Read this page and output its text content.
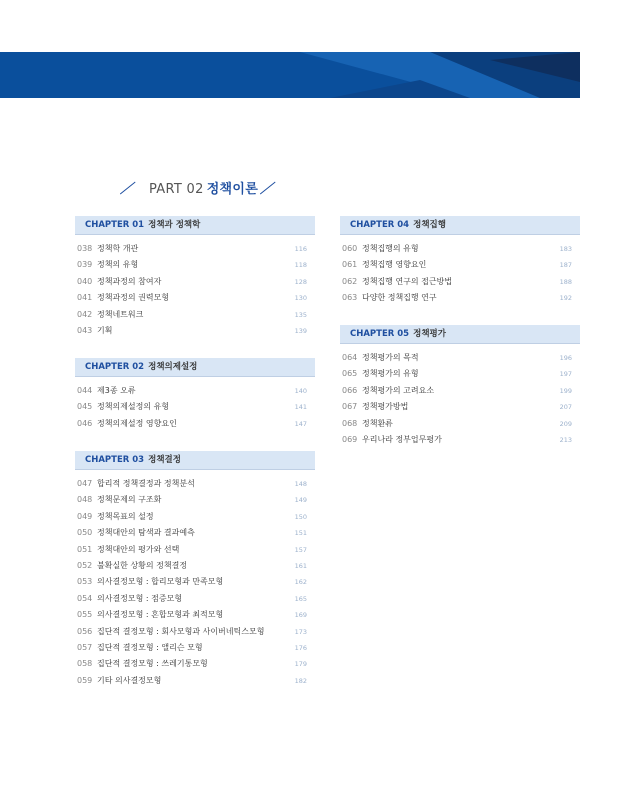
／ PART 02 정책이론 ／
CHAPTER 01 정책과 정책학
038 정책학 개관	116
039 정책의 유형	118
040 정책과정의 참여자	128
041 정책과정의 권력모형	130
042 정책네트워크	135
043 기획	139
CHAPTER 02 정책의제설정
044 제3종 오류	140
045 정책의제설정의 유형	141
046 정책의제설정 영향요인	147
CHAPTER 03 정책결정
047 합리적 정책결정과 정책분석	148
048 정책문제의 구조화	149
049 정책목표의 설정	150
050 정책대안의 탐색과 결과예측	151
051 정책대안의 평가와 선택	157
052 불확실한 상황의 정책결정	161
053 의사결정모형 : 합리모형과 만족모형	162
054 의사결정모형 : 점증모형	165
055 의사결정모형 : 혼합모형과 최적모형	169
056 집단적 결정모형 : 회사모형과 사이버네틱스모형	173
057 집단적 결정모형 : 앨리슨 모형	176
058 집단적 결정모형 : 쓰레기통모형	179
059 기타 의사결정모형	182
CHAPTER 04 정책집행
060 정책집행의 유형	183
061 정책집행 영향요인	187
062 정책집행 연구의 접근방법	188
063 다양한 정책집행 연구	192
CHAPTER 05 정책평가
064 정책평가의 목적	196
065 정책평가의 유형	197
066 정책평가의 고려요소	199
067 정책평가방법	207
068 정책환류	209
069 우리나라 정부업무평가	213
